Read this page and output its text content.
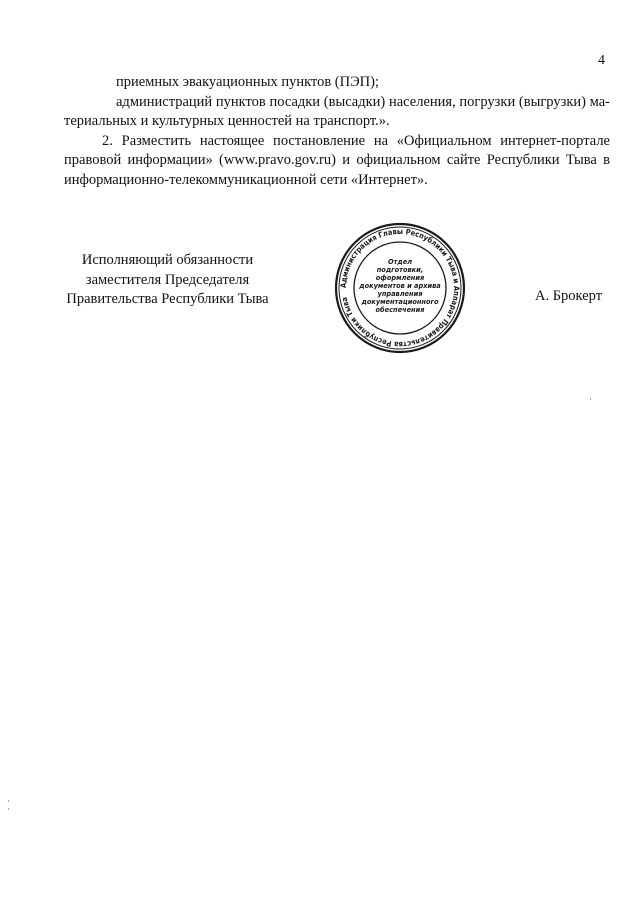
4

приемных эвакуационных пунктов (ПЭП);

администраций пунктов посадки (высадки) населения, погрузки (выгрузки) ма-

териальных и культурных ценностей на транспорт.».

2. Разместить настоящее постановление на «Официальном интернет-портале

правовой информации» (www.pravo.gov.ru) и официальном сайте Республики Тыва в

информационно-телекоммуникационной сети «Интернет».

Исполняющий обязанности
заместителя Председателя
Правительства Республики Тыва	А. Брокерт
Администрация Главы Республики Тыва и Аппарат Правительства Республики Тыва
Отдел
подготовки,
оформления
документов и архива
управления
документационного
обеспечения
